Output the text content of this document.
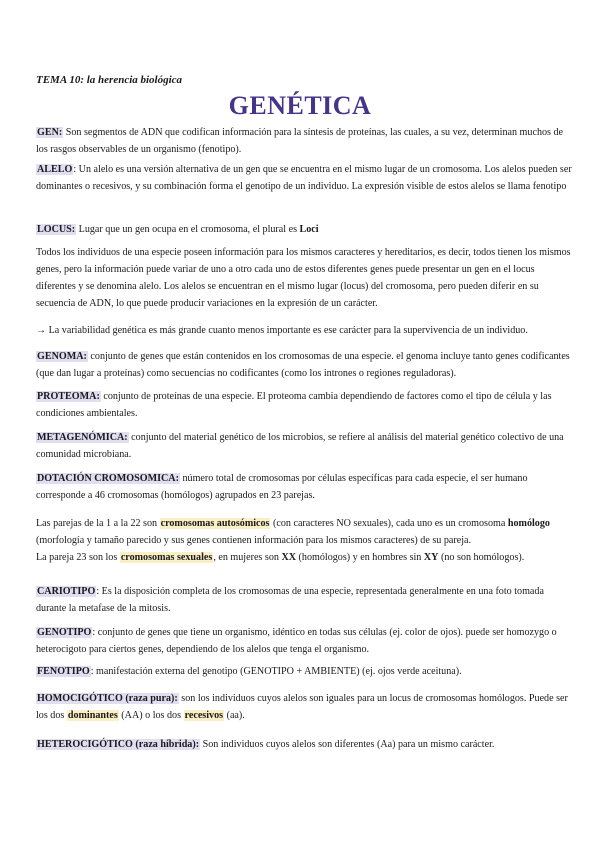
TEMA 10: la herencia biológica
GENÉTICA
GEN: Son segmentos de ADN que codifican información para la síntesis de proteínas, las cuales, a su vez, determinan muchos de los rasgos observables de un organismo (fenotipo).
ALELO: Un alelo es una versión alternativa de un gen que se encuentra en el mismo lugar de un cromosoma. Los alelos pueden ser dominantes o recesivos, y su combinación forma el genotipo de un individuo. La expresión visible de estos alelos se llama fenotipo
LOCUS: Lugar que un gen ocupa en el cromosoma, el plural es Loci
Todos los individuos de una especie poseen información para los mismos caracteres y hereditarios, es decir, todos tienen los mismos genes, pero la información puede variar de uno a otro cada uno de estos diferentes genes puede presentar un gen en el locus diferentes y se denomina alelo. Los alelos se encuentran en el mismo lugar (locus) del cromosoma, pero pueden diferir en su secuencia de ADN, lo que puede producir variaciones en la expresión de un carácter.
→ La variabilidad genética es más grande cuanto menos importante es ese carácter para la supervivencia de un individuo.
GENOMA: conjunto de genes que están contenidos en los cromosomas de una especie. el genoma incluye tanto genes codificantes (que dan lugar a proteínas) como secuencias no codificantes (como los intrones o regiones reguladoras).
PROTEOMA: conjunto de proteínas de una especie. El proteoma cambia dependiendo de factores como el tipo de célula y las condiciones ambientales.
METAGENÓMICA: conjunto del material genético de los microbios, se refiere al análisis del material genético colectivo de una comunidad microbiana.
DOTACIÓN CROMOSOMICA: número total de cromosomas por células específicas para cada especie, el ser humano corresponde a 46 cromosomas (homólogos) agrupados en 23 parejas.
Las parejas de la 1 a la 22 son cromosomas autosómicos (con caracteres NO sexuales), cada uno es un cromosoma homólogo (morfología y tamaño parecido y sus genes contienen información para los mismos caracteres) de su pareja.
La pareja 23 son los cromosomas sexuales, en mujeres son XX (homólogos) y en hombres sin XY (no son homólogos).
CARIOTIPO: Es la disposición completa de los cromosomas de una especie, representada generalmente en una foto tomada durante la metafase de la mitosis.
GENOTIPO: conjunto de genes que tiene un organismo, idéntico en todas sus células (ej. color de ojos). puede ser homozygo o heterocigoto para ciertos genes, dependiendo de los alelos que tenga el organismo.
FENOTIPO: manifestación externa del genotipo (GENOTIPO + AMBIENTE) (ej. ojos verde aceituna).
HOMOCIGÓTICO (raza pura): son los individuos cuyos alelos son iguales para un locus de cromosomas homólogos. Puede ser los dos dominantes (AA) o los dos recesivos (aa).
HETEROCIGÓTICO (raza híbrida): Son individuos cuyos alelos son diferentes (Aa) para un mismo carácter.
